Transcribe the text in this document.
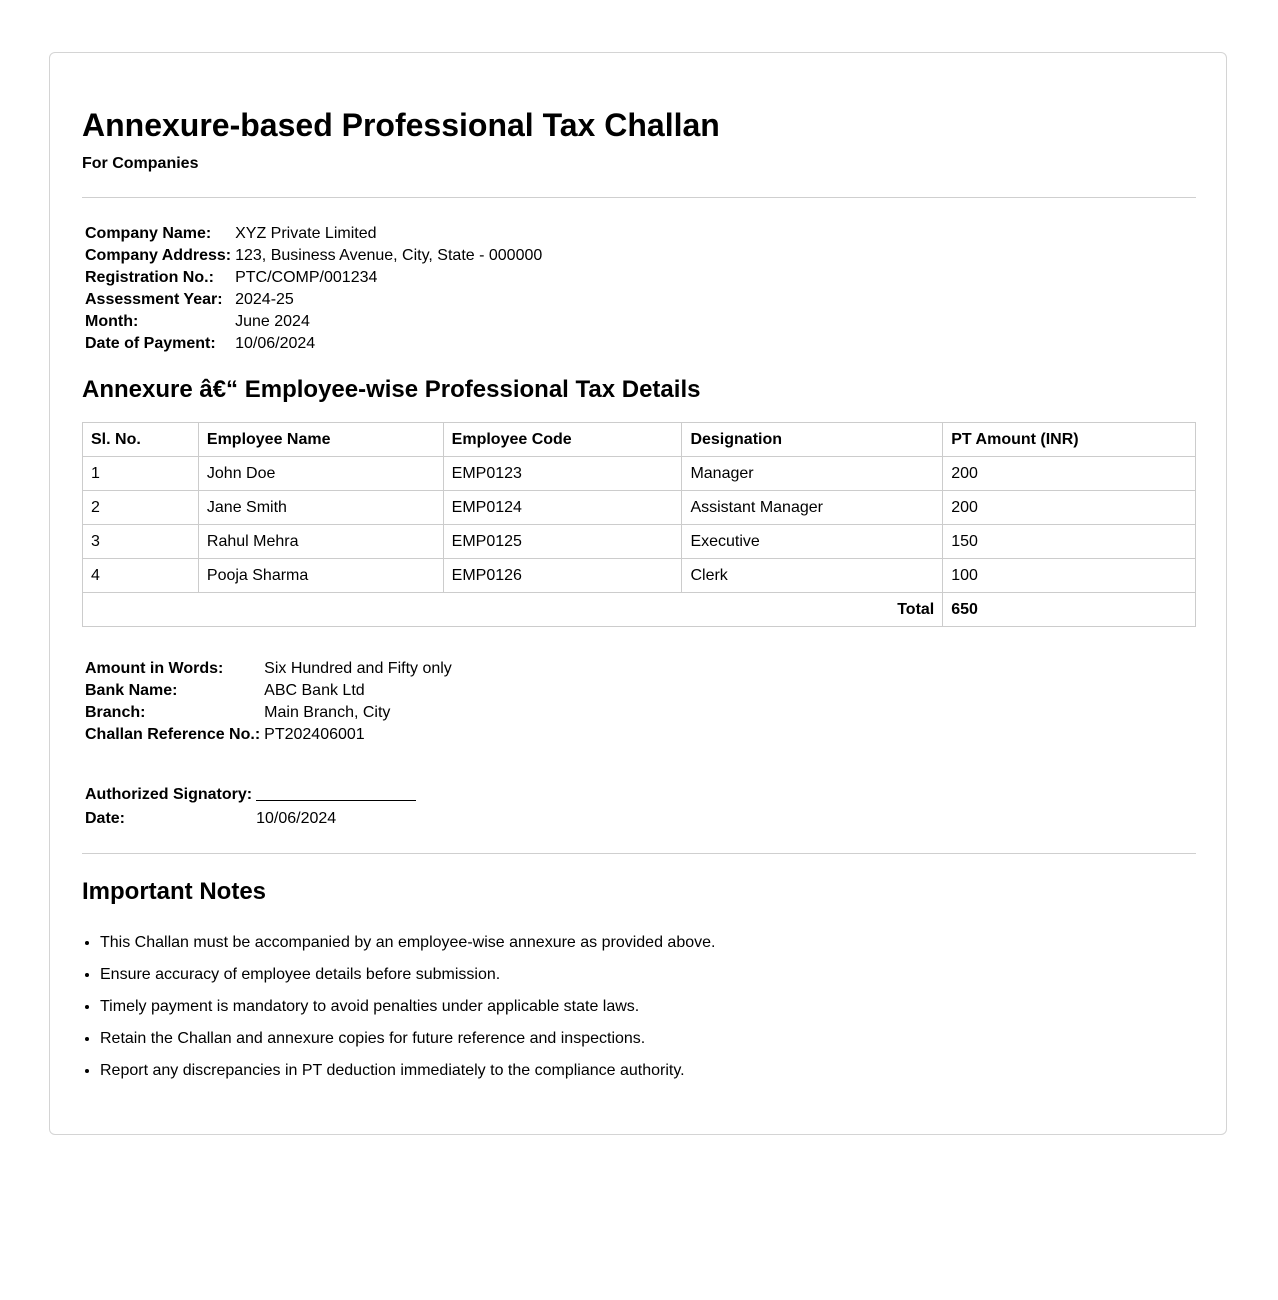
Annexure-based Professional Tax Challan
For Companies
Company Name:	XYZ Private Limited
Company Address:	123, Business Avenue, City, State - 000000
Registration No.:	PTC/COMP/001234
Assessment Year:	2024-25
Month:	June 2024
Date of Payment:	10/06/2024
Annexure â€“ Employee-wise Professional Tax Details
Sl. No.	Employee Name	Employee Code	Designation	PT Amount (INR)
1	John Doe	EMP0123	Manager	200
2	Jane Smith	EMP0124	Assistant Manager	200
3	Rahul Mehra	EMP0125	Executive	150
4	Pooja Sharma	EMP0126	Clerk	100
Total				650
Amount in Words:	Six Hundred and Fifty only
Bank Name:	ABC Bank Ltd
Branch:	Main Branch, City
Challan Reference No.:	PT202406001
Authorized Signatory:	
Date:	10/06/2024
Important Notes
• This Challan must be accompanied by an employee-wise annexure as provided above.
• Ensure accuracy of employee details before submission.
• Timely payment is mandatory to avoid penalties under applicable state laws.
• Retain the Challan and annexure copies for future reference and inspections.
• Report any discrepancies in PT deduction immediately to the compliance authority.
